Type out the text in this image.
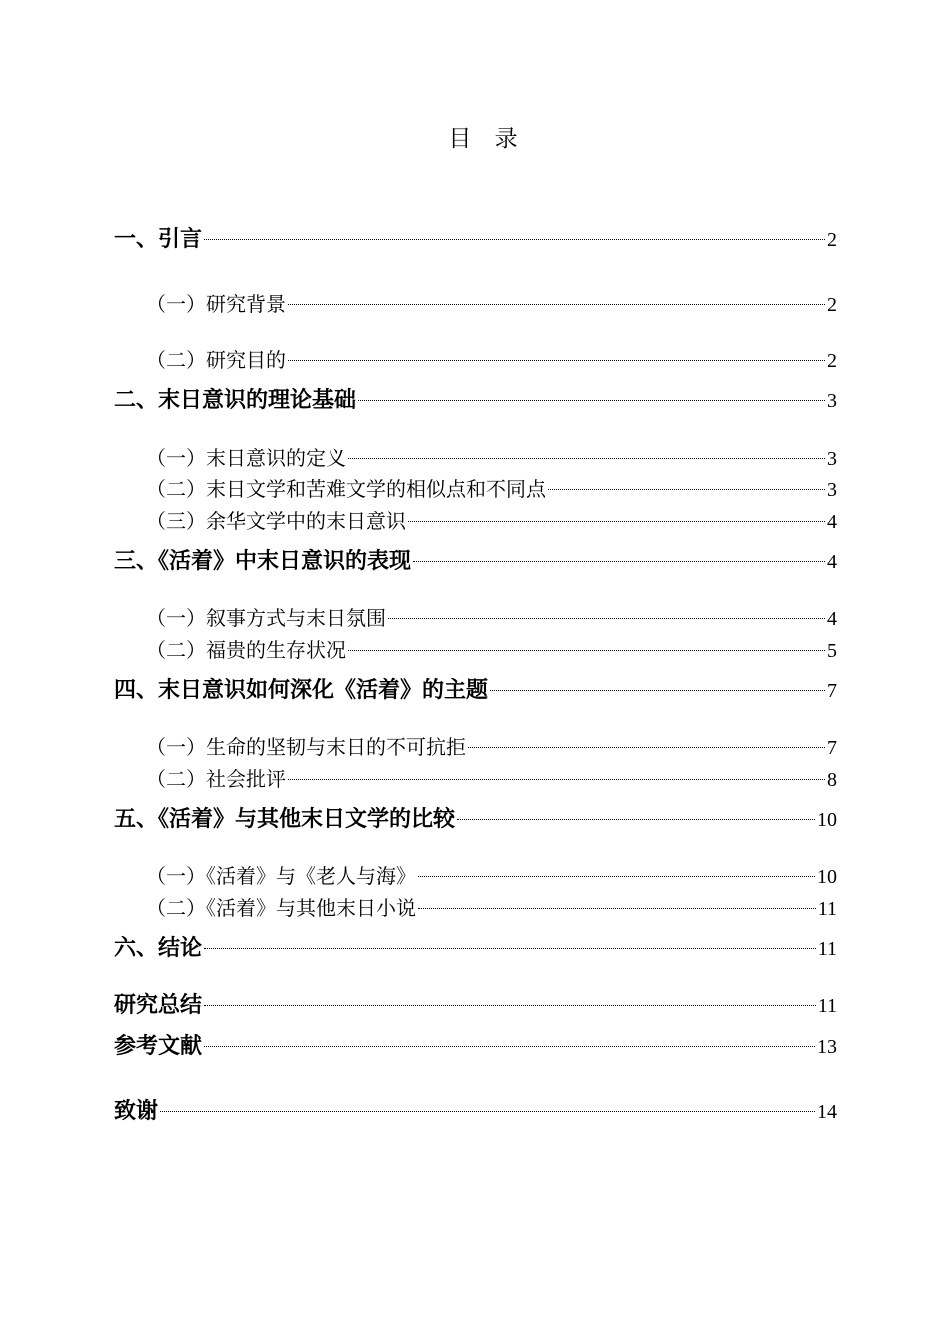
目 录
一、引言	2
（一）研究背景	2
（二）研究目的	2
二、末日意识的理论基础	3
（一）末日意识的定义	3
（二）末日文学和苦难文学的相似点和不同点	3
（三）余华文学中的末日意识	4
三、《活着》中末日意识的表现	4
（一）叙事方式与末日氛围	4
（二）福贵的生存状况	5
四、末日意识如何深化《活着》的主题	7
（一）生命的坚韧与末日的不可抗拒	7
（二）社会批评	8
五、《活着》与其他末日文学的比较	10
（一）《活着》与《老人与海》	10
（二）《活着》与其他末日小说	11
六、结论	11
研究总结	11
参考文献	13
致谢	14
